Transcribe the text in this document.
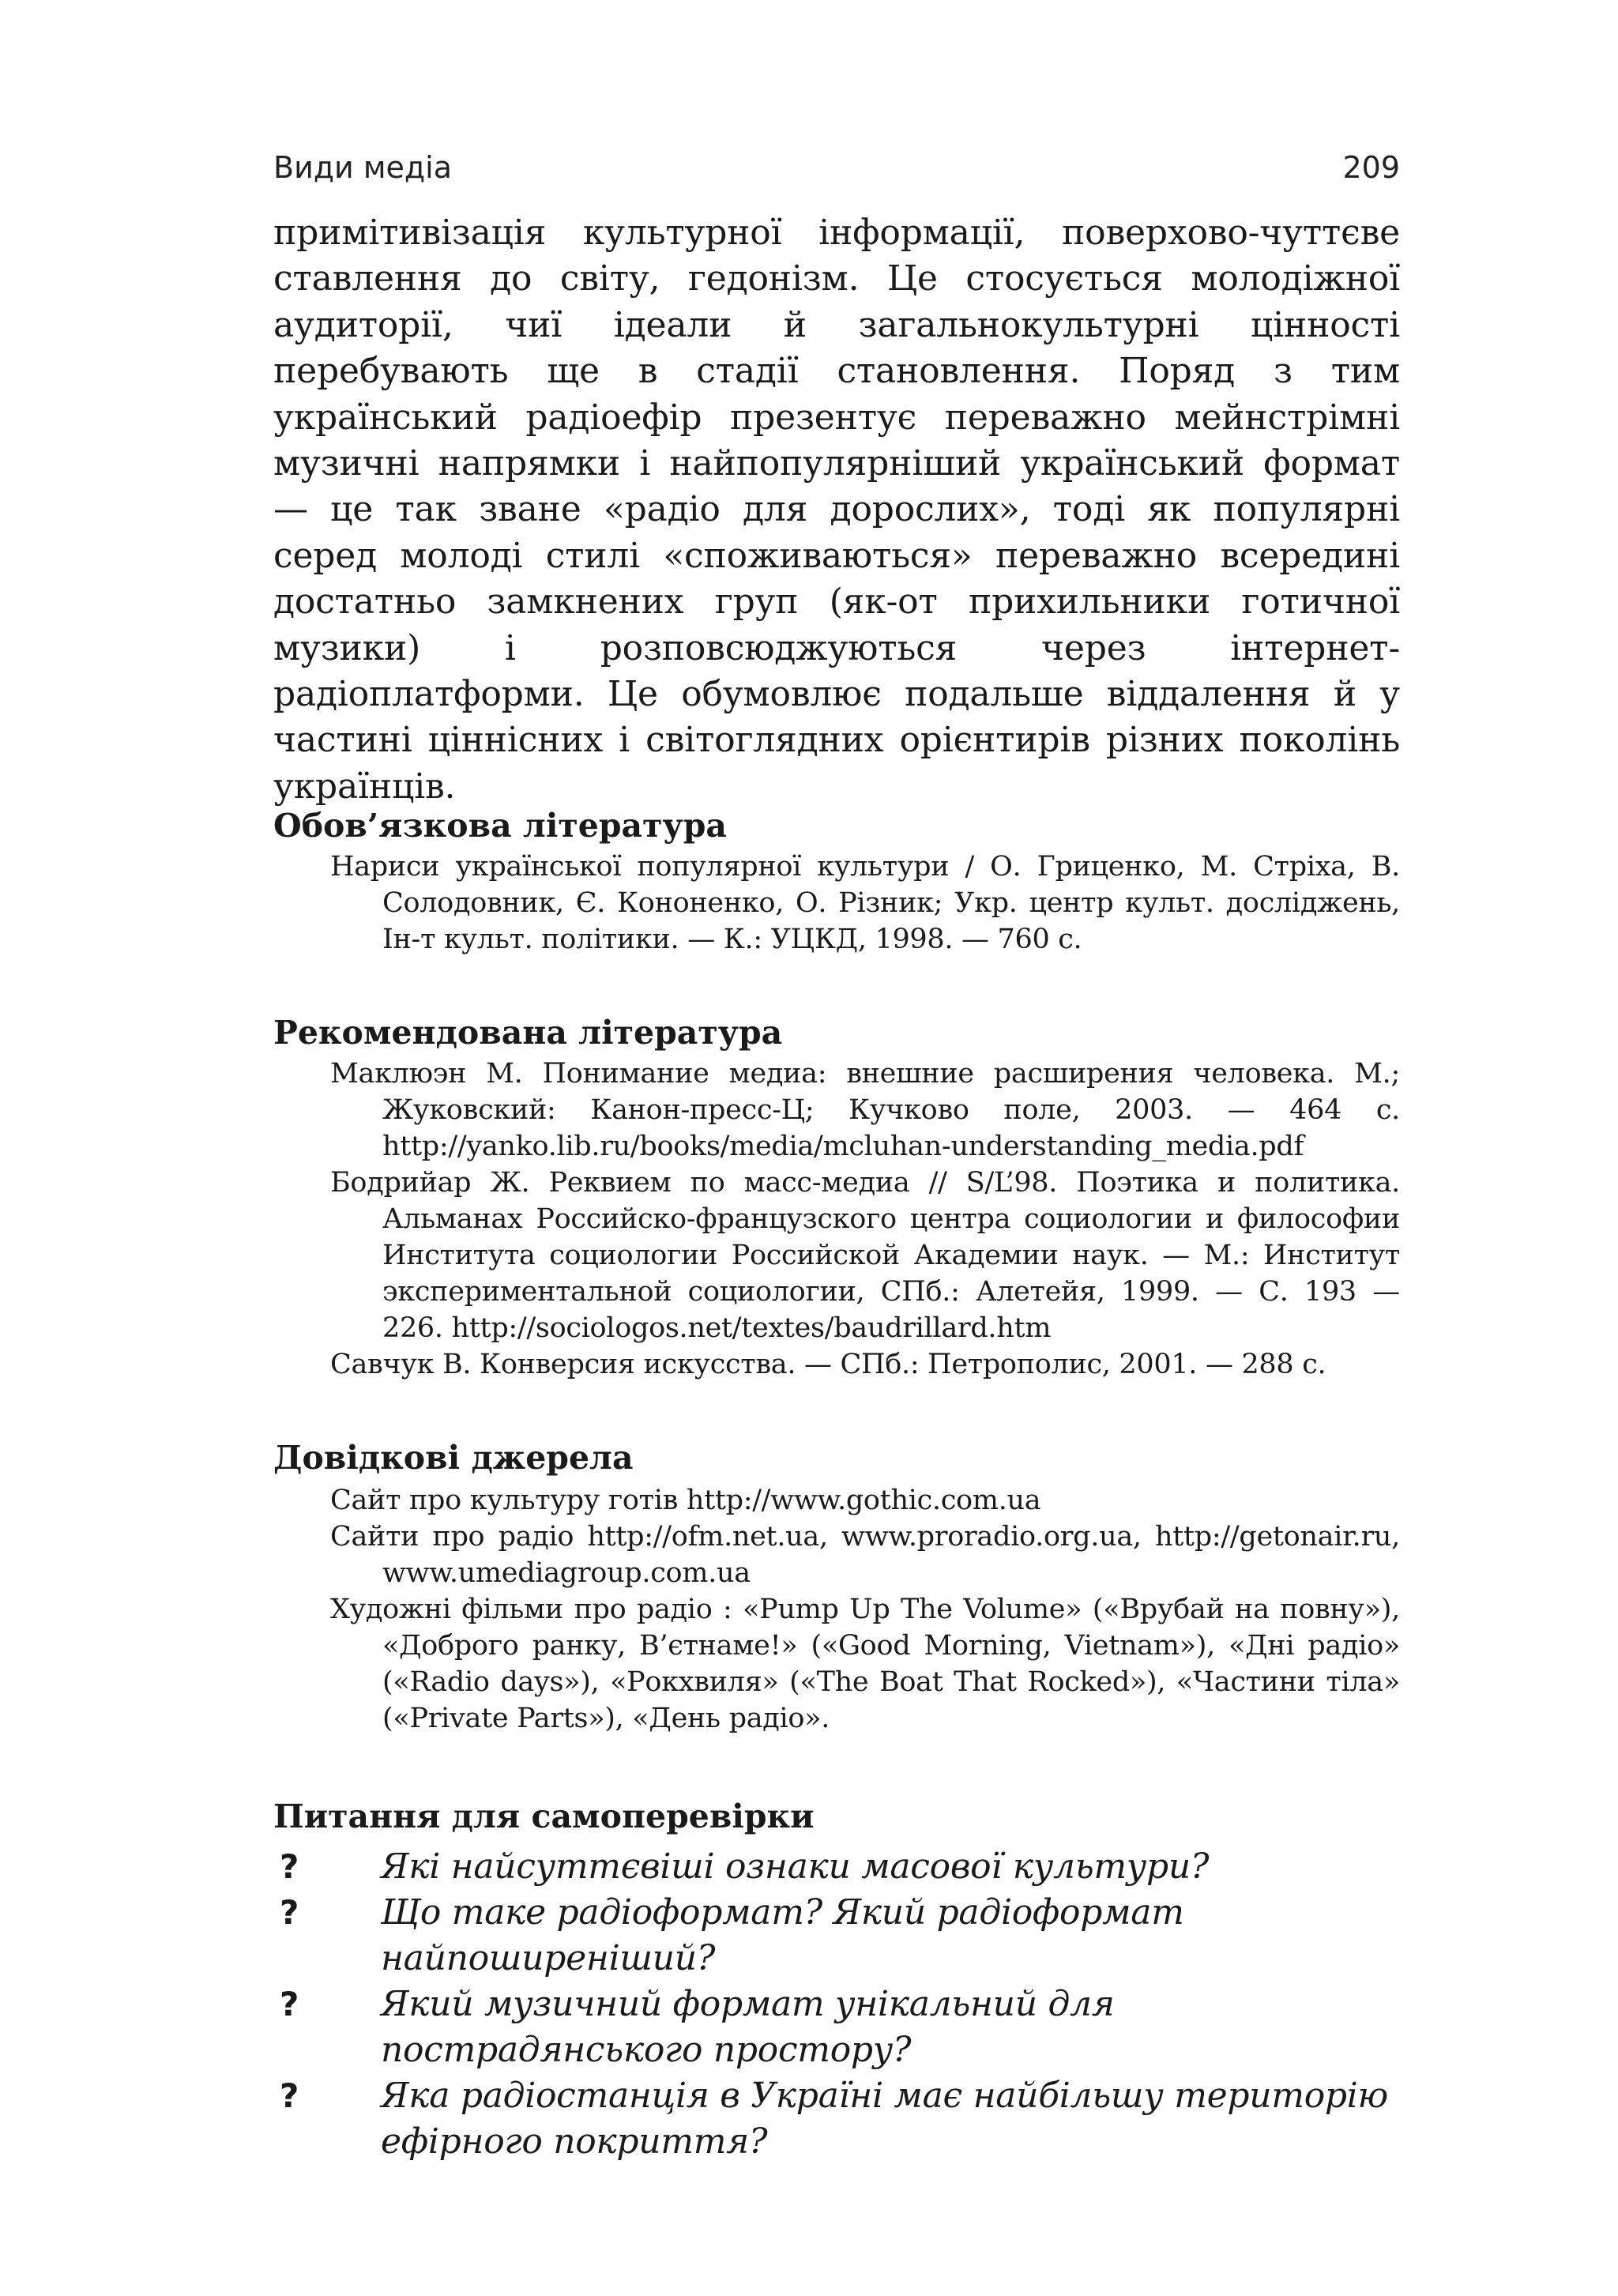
Види медіа	209

примітивізація культурної інформації, поверхово-чуттєве ставлення до світу, гедонізм. Це стосується молодіжної аудиторії, чиї ідеали й загальнокультурні цінності перебувають ще в стадії становлення. Поряд з тим український радіоефір презентує переважно мейнстрімні музичні напрямки і найпопулярніший український формат — це так зване «радіо для дорослих», тоді як популярні серед молоді стилі «споживаються» переважно всередині достатньо замкнених груп (як-от прихильники готичної музики) і розповсюджуються через інтернет-радіоплатформи. Це обумовлює подальше віддалення й у частині ціннісних і світоглядних орієнтирів різних поколінь українців.

Обов’язкова література

Нариси української популярної культури / О. Гриценко, М. Стріха, В. Солодовник, Є. Кононенко, О. Різник; Укр. центр культ. досліджень, Ін-т культ. політики. — К.: УЦКД, 1998. — 760 с.

Рекомендована література

Маклюэн М. Понимание медиа: внешние расширения человека. М.; Жуковский: Канон-пресс-Ц; Кучково поле, 2003. — 464 с. http://yanko.lib.ru/books/media/mcluhan-understanding_media.pdf

Бодрийар Ж. Реквием по масс-медиа // S/L’98. Поэтика и политика. Альманах Российско-французского центра социологии и философии Института социологии Российской Академии наук. — М.: Институт экспериментальной социологии, СПб.: Алетейя, 1999. — С. 193 — 226. http://sociologos.net/textes/baudrillard.htm

Савчук В. Конверсия искусства. — СПб.: Петрополис, 2001. — 288 с.

Довідкові джерела

Сайт про культуру готів http://www.gothic.com.ua

Сайти про радіо http://ofm.net.ua, www.proradio.org.ua, http://getonair.ru, www.umediagroup.com.ua

Художні фільми про радіо : «Pump Up The Volume» («Врубай на повну»), «Доброго ранку, В’єтнаме!» («Good Morning, Vietnam»), «Дні радіо» («Radio days»), «Рокхвиля» («The Boat That Rocked»), «Частини тіла» («Private Parts»), «День радіо».

Питання для самоперевірки
? Які найсуттєвіші ознаки масової культури?
? Що таке радіоформат? Який радіоформат найпоширеніший?
? Який музичний формат унікальний для пострадянського простору?
? Яка радіостанція в Україні має найбільшу територію ефірного покриття?
